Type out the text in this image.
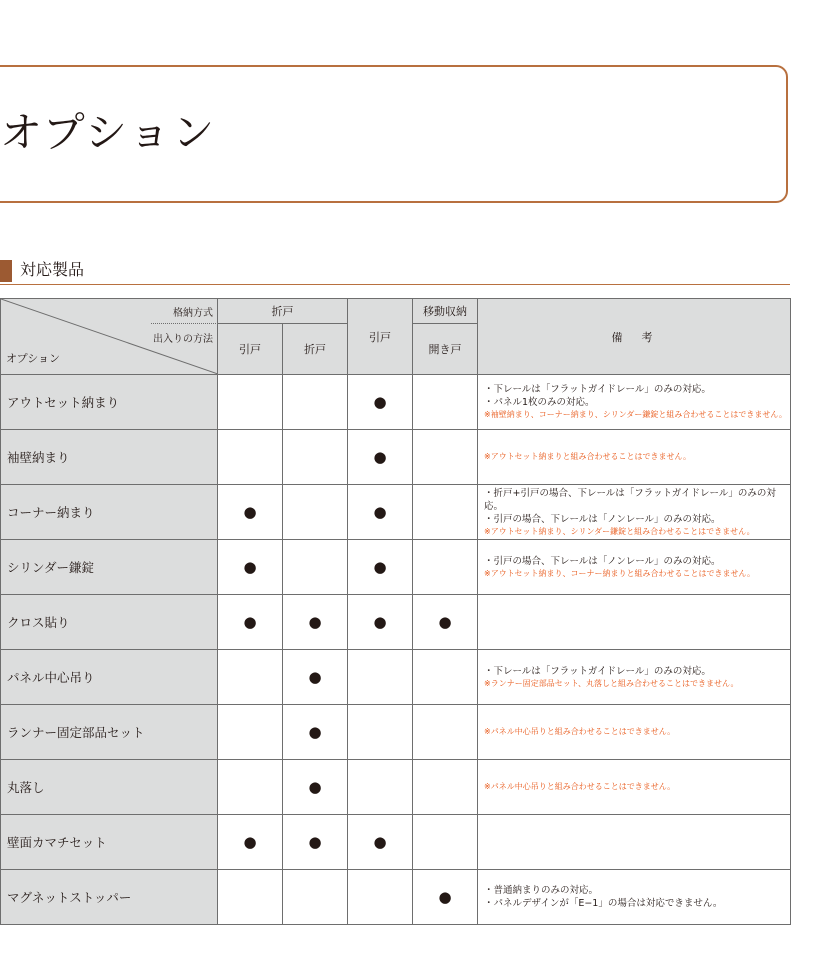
オプション
対応製品
格納方式
出入りの方法
オプション	折戸		引戸	移動収納	備　考
	引戸	折戸		開き戸	
アウトセット納まり			●		・下レールは「フラットガイドレール」のみの対応。
・パネル1枚のみの対応。
※袖壁納まり、コーナー納まり、シリンダー鎌錠と組み合わせることはできません。

袖壁納まり			●		※アウトセット納まりと組み合わせることはできません。

コーナー納まり	●		●		・折戸+引戸の場合、下レールは「フラットガイドレール」のみの対応。
・引戸の場合、下レールは「ノンレール」のみの対応。
※アウトセット納まり、シリンダー鎌錠と組み合わせることはできません。

シリンダー鎌錠	●		●		・引戸の場合、下レールは「ノンレール」のみの対応。
※アウトセット納まり、コーナー納まりと組み合わせることはできません。

クロス貼り	●	●	●	●	
パネル中心吊り		●			・下レールは「フラットガイドレール」のみの対応。
※ランナー固定部品セット、丸落しと組み合わせることはできません。

ランナー固定部品セット		●			※パネル中心吊りと組み合わせることはできません。

丸落し		●			※パネル中心吊りと組み合わせることはできません。

壁面カマチセット	●	●	●		
マグネットストッパー				●	・普通納まりのみの対応。
・パネルデザインが「E−1」の場合は対応できません。
